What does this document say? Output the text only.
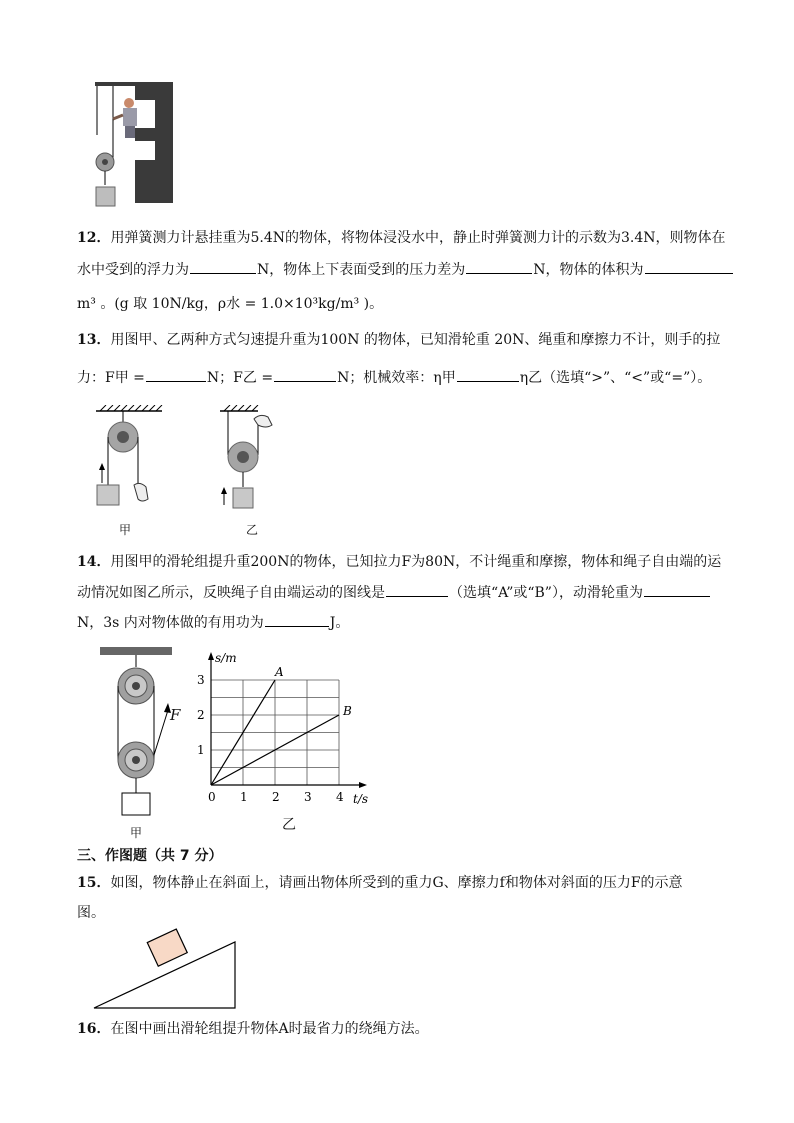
12．用弹簧测力计悬挂重为5.4N的物体，将物体浸没水中，静止时弹簧测力计的示数为3.4N，则物体在
水中受到的浮力为	N，物体上下表面受到的压力差为	N，物体的体积为
m³ 。(g 取 10N/kg，ρ水 = 1.0×10³kg/m³ )。
13．用图甲、乙两种方式匀速提升重为100N 的物体，已知滑轮重 20N、绳重和摩擦力不计，则手的拉
力：F甲 =	N；F乙 =	N；机械效率：η甲	η乙（选填“>”、“<”或“=”）。
甲	乙
14．用图甲的滑轮组提升重200N的物体，已知拉力F为80N，不计绳重和摩擦，物体和绳子自由端的运
动情况如图乙所示，反映绳子自由端运动的图线是	（选填“A”或“B”），动滑轮重为
N，3s 内对物体做的有用功为	J。
F
甲
A
B
0 1 2 3 4
1
2
3
t/s
s/m
乙
三、作图题（共 7 分）
15．如图，物体静止在斜面上，请画出物体所受到的重力G、摩擦力f和物体对斜面的压力F的示意
图。
16．在图中画出滑轮组提升物体A时最省力的绕绳方法。
